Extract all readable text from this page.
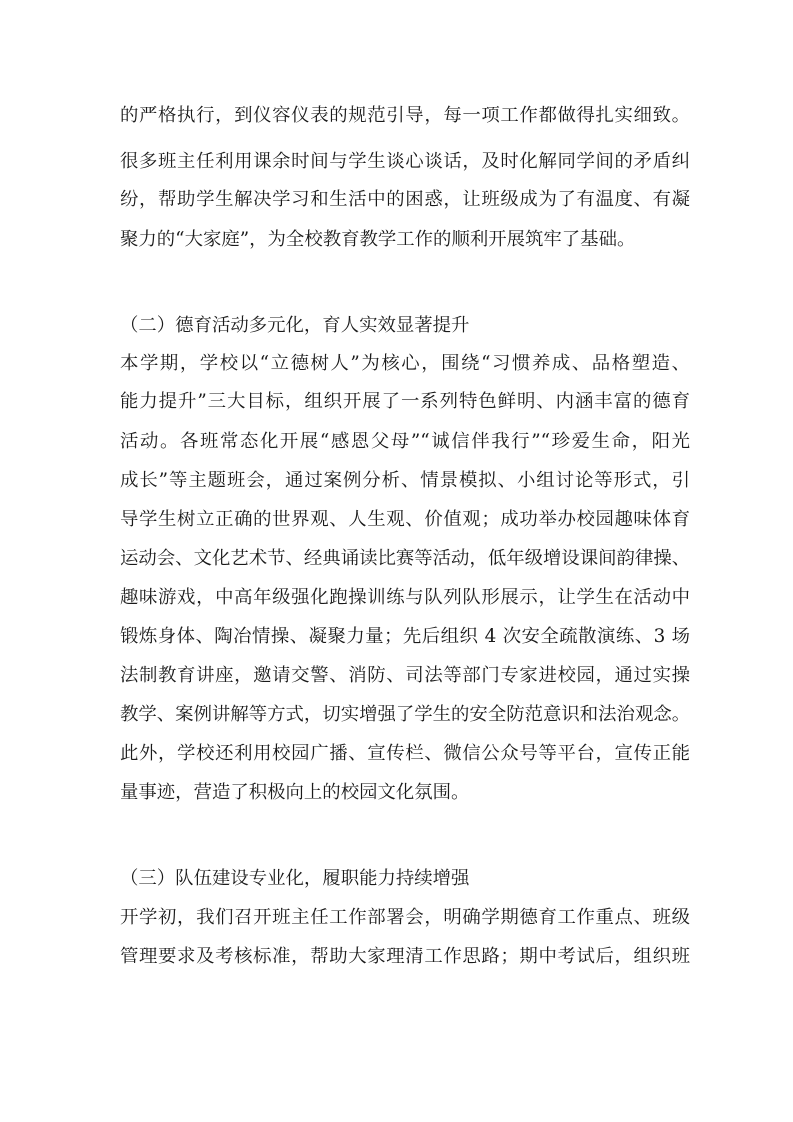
的严格执行，到仪容仪表的规范引导，每一项工作都做得扎实细致。
很多班主任利用课余时间与学生谈心谈话，及时化解同学间的矛盾纠
纷，帮助学生解决学习和生活中的困惑，让班级成为了有温度、有凝
聚力的“大家庭”，为全校教育教学工作的顺利开展筑牢了基础。
（二）德育活动多元化，育人实效显著提升
本学期，学校以“立德树人”为核心，围绕“习惯养成、品格塑造、
能力提升”三大目标，组织开展了一系列特色鲜明、内涵丰富的德育
活动。各班常态化开展“感恩父母”“诚信伴我行”“珍爱生命，阳光
成长”等主题班会，通过案例分析、情景模拟、小组讨论等形式，引
导学生树立正确的世界观、人生观、价值观；成功举办校园趣味体育
运动会、文化艺术节、经典诵读比赛等活动，低年级增设课间韵律操、
趣味游戏，中高年级强化跑操训练与队列队形展示，让学生在活动中
锻炼身体、陶冶情操、凝聚力量；先后组织 4 次安全疏散演练、3 场
法制教育讲座，邀请交警、消防、司法等部门专家进校园，通过实操
教学、案例讲解等方式，切实增强了学生的安全防范意识和法治观念。
此外，学校还利用校园广播、宣传栏、微信公众号等平台，宣传正能
量事迹，营造了积极向上的校园文化氛围。
（三）队伍建设专业化，履职能力持续增强
开学初，我们召开班主任工作部署会，明确学期德育工作重点、班级
管理要求及考核标准，帮助大家理清工作思路；期中考试后，组织班
